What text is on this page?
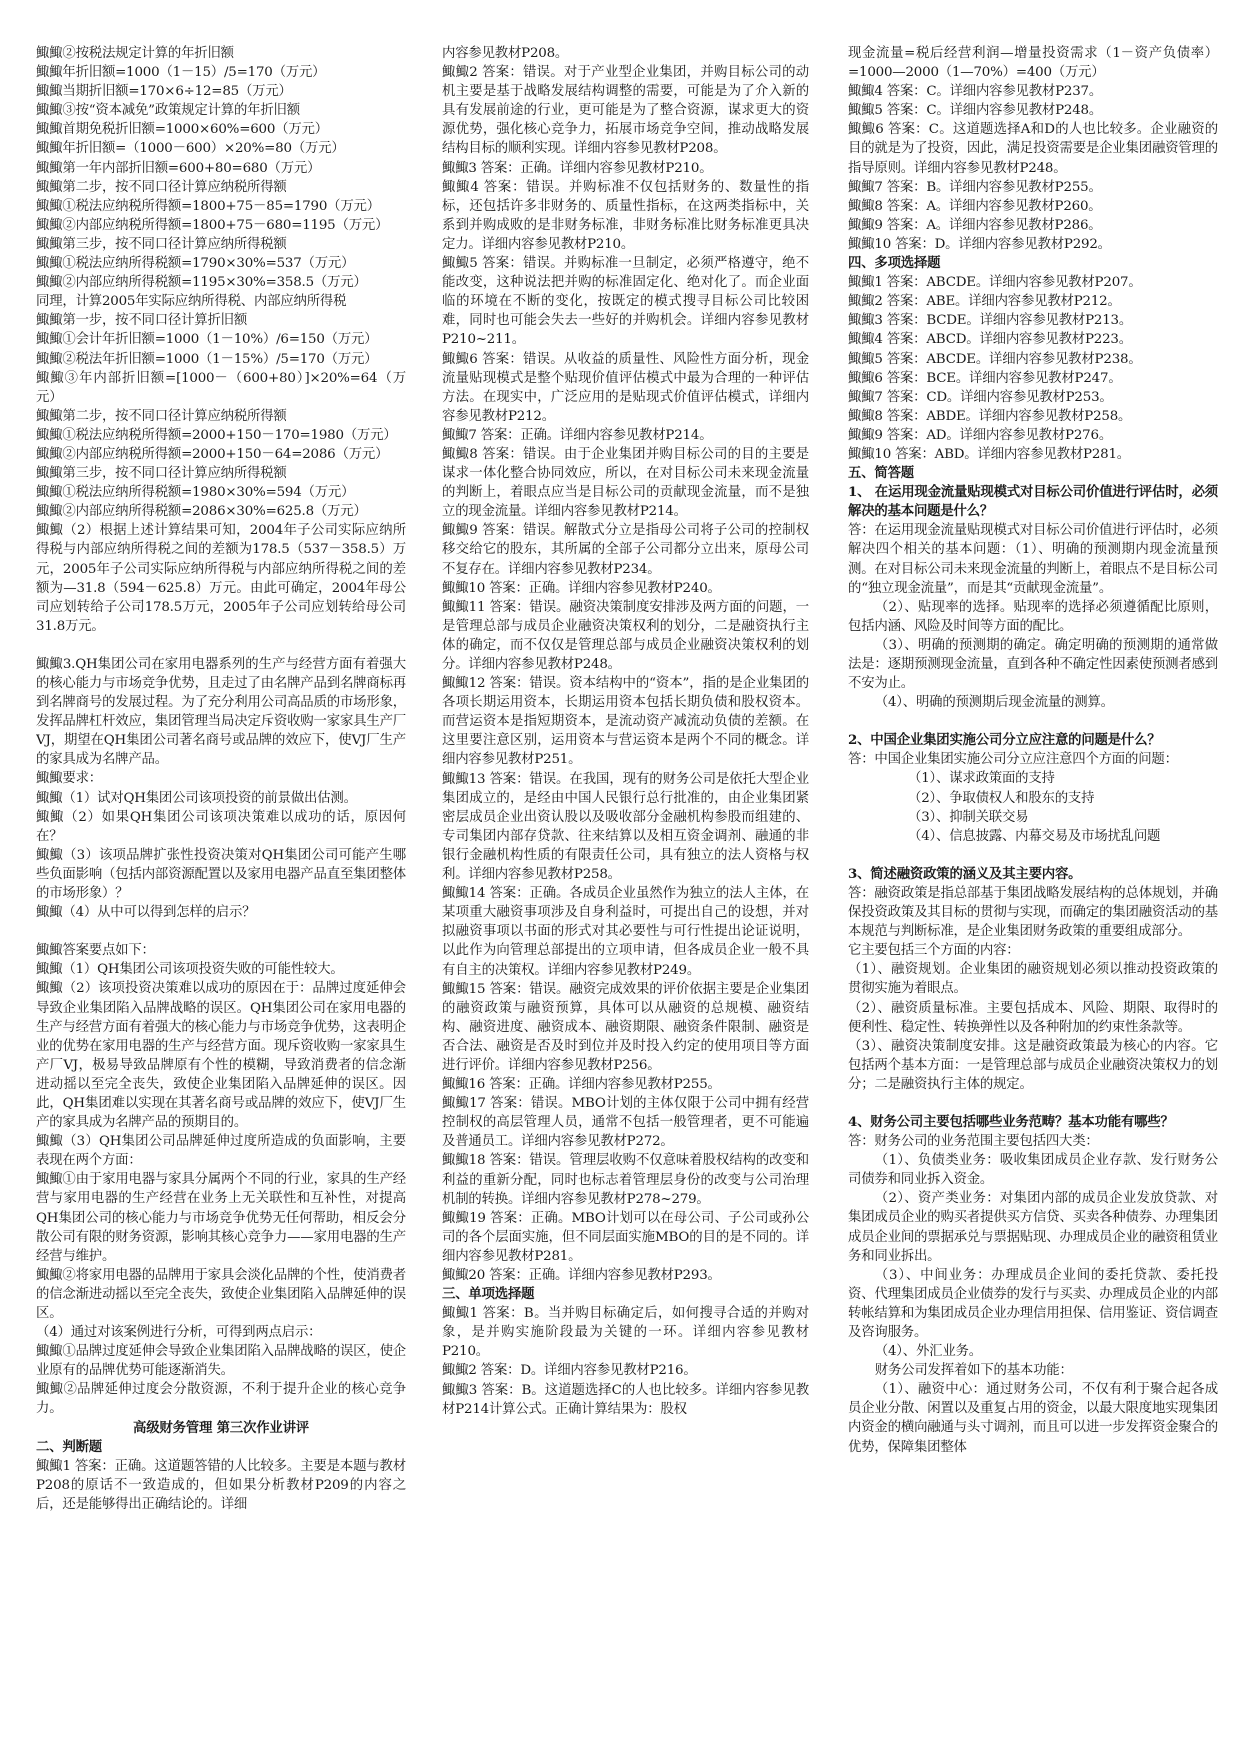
鯫鯫②按税法规定计算的年折旧额

鯫鯫年折旧额=1000（1－15）/5=170（万元）

鯫鯫当期折旧额=170×6÷12=85（万元）

鯫鯫③按“资本减免”政策规定计算的年折旧额

鯫鯫首期免税折旧额=1000×60%=600（万元）

鯫鯫年折旧额=（1000－600）×20%=80（万元）

鯫鯫第一年内部折旧额=600+80=680（万元）

鯫鯫第二步，按不同口径计算应纳税所得额

鯫鯫①税法应纳税所得额=1800+75－85=1790（万元）

鯫鯫②内部应纳税所得额=1800+75－680=1195（万元）

鯫鯫第三步，按不同口径计算应纳所得税额

鯫鯫①税法应纳所得税额=1790×30%=537（万元）

鯫鯫②内部应纳所得税额=1195×30%=358.5（万元）

同理，计算2005年实际应纳所得税、内部应纳所得税

鯫鯫第一步，按不同口径计算折旧额

鯫鯫①会计年折旧额=1000（1－10%）/6=150（万元）

鯫鯫②税法年折旧额=1000（1－15%）/5=170（万元）

鯫鯫③年内部折旧额=[1000－（600+80）]×20%=64（万元）

鯫鯫第二步，按不同口径计算应纳税所得额

鯫鯫①税法应纳税所得额=2000+150－170=1980（万元）

鯫鯫②内部应纳税所得额=2000+150－64=2086（万元）

鯫鯫第三步，按不同口径计算应纳所得税额

鯫鯫①税法应纳所得税额=1980×30%=594（万元）

鯫鯫②内部应纳所得税额=2086×30%=625.8（万元）

鯫鯫（2）根据上述计算结果可知，2004年子公司实际应纳所得税与内部应纳所得税之间的差额为178.5（537－358.5）万元，2005年子公司实际应纳所得税与内部应纳所得税之间的差额为—31.8（594－625.8）万元。由此可确定，2004年母公司应划转给子公司178.5万元，2005年子公司应划转给母公司31.8万元。

鯫鯫3.QH集团公司在家用电器系列的生产与经营方面有着强大的核心能力与市场竞争优势，且走过了由名牌产品到名牌商标再到名牌商号的发展过程。为了充分利用公司高品质的市场形象，发挥品牌杠杆效应，集团管理当局决定斥资收购一家家具生产厂VJ，期望在QH集团公司著名商号或品牌的效应下，使VJ厂生产的家具成为名牌产品。

鯫鯫要求：

鯫鯫（1）试对QH集团公司该项投资的前景做出估测。

鯫鯫（2）如果QH集团公司该项决策难以成功的话，原因何在？

鯫鯫（3）该项品牌扩张性投资决策对QH集团公司可能产生哪些负面影响（包括内部资源配置以及家用电器产品直至集团整体的市场形象）？

鯫鯫（4）从中可以得到怎样的启示？

鯫鯫答案要点如下：

鯫鯫（1）QH集团公司该项投资失败的可能性较大。

鯫鯫（2）该项投资决策难以成功的原因在于：品牌过度延伸会导致企业集团陷入品牌战略的误区。QH集团公司在家用电器的生产与经营方面有着强大的核心能力与市场竞争优势，这表明企业的优势在家用电器的生产与经营方面。现斥资收购一家家具生产厂VJ，极易导致品牌原有个性的模糊，导致消费者的信念渐进动摇以至完全丧失，致使企业集团陷入品牌延伸的误区。因此，QH集团难以实现在其著名商号或品牌的效应下，使VJ厂生产的家具成为名牌产品的预期目的。

鯫鯫（3）QH集团公司品牌延伸过度所造成的负面影响，主要表现在两个方面：

鯫鯫①由于家用电器与家具分属两个不同的行业，家具的生产经营与家用电器的生产经营在业务上无关联性和互补性，对提高QH集团公司的核心能力与市场竞争优势无任何帮助，相反会分散公司有限的财务资源，影响其核心竞争力——家用电器的生产经营与维护。

鯫鯫②将家用电器的品牌用于家具会淡化品牌的个性，使消费者的信念渐进动摇以至完全丧失，致使企业集团陷入品牌延伸的误区。

（4）通过对该案例进行分析，可得到两点启示：

鯫鯫①品牌过度延伸会导致企业集团陷入品牌战略的误区，使企业原有的品牌优势可能逐渐消失。

鯫鯫②品牌延伸过度会分散资源，不利于提升企业的核心竞争力。

高级财务管理 第三次作业讲评

二、判断题

鯫鯫1 答案：正确。这道题答错的人比较多。主要是本题与教材P208的原话不一致造成的，但如果分析教材P209的内容之后，还是能够得出正确结论的。详细

内容参见教材P208。

鯫鯫2 答案：错误。对于产业型企业集团，并购目标公司的动机主要是基于战略发展结构调整的需要，可能是为了介入新的具有发展前途的行业，更可能是为了整合资源，谋求更大的资源优势，强化核心竞争力，拓展市场竞争空间，推动战略发展结构目标的顺利实现。详细内容参见教材P208。

鯫鯫3 答案：正确。详细内容参见教材P210。

鯫鯫4 答案：错误。并购标准不仅包括财务的、数量性的指标，还包括许多非财务的、质量性指标，在这两类指标中，关系到并购成败的是非财务标准，非财务标准比财务标准更具决定力。详细内容参见教材P210。

鯫鯫5 答案：错误。并购标准一旦制定，必须严格遵守，绝不能改变，这种说法把并购的标准固定化、绝对化了。而企业面临的环境在不断的变化，按既定的模式搜寻目标公司比较困难，同时也可能会失去一些好的并购机会。详细内容参见教材P210~211。

鯫鯫6 答案：错误。从收益的质量性、风险性方面分析，现金流量贴现模式是整个贴现价值评估模式中最为合理的一种评估方法。在现实中，广泛应用的是贴现式价值评估模式，详细内容参见教材P212。

鯫鯫7 答案：正确。详细内容参见教材P214。

鯫鯫8 答案：错误。由于企业集团并购目标公司的目的主要是谋求一体化整合协同效应，所以，在对目标公司未来现金流量的判断上，着眼点应当是目标公司的贡献现金流量，而不是独立的现金流量。详细内容参见教材P214。

鯫鯫9 答案：错误。解散式分立是指母公司将子公司的控制权移交给它的股东，其所属的全部子公司都分立出来，原母公司不复存在。详细内容参见教材P234。

鯫鯫10 答案：正确。详细内容参见教材P240。

鯫鯫11 答案：错误。融资决策制度安排涉及两方面的问题，一是管理总部与成员企业融资决策权利的划分，二是融资执行主体的确定，而不仅仅是管理总部与成员企业融资决策权利的划分。详细内容参见教材P248。

鯫鯫12 答案：错误。资本结构中的“资本”，指的是企业集团的各项长期运用资本，长期运用资本包括长期负债和股权资本。而营运资本是指短期资本，是流动资产减流动负债的差额。在这里要注意区别，运用资本与营运资本是两个不同的概念。详细内容参见教材P251。

鯫鯫13 答案：错误。在我国，现有的财务公司是依托大型企业集团成立的，是经由中国人民银行总行批准的，由企业集团紧密层成员企业出资认股以及吸收部分金融机构参股而组建的、专司集团内部存贷款、往来结算以及相互资金调剂、融通的非银行金融机构性质的有限责任公司，具有独立的法人资格与权利。详细内容参见教材P258。

鯫鯫14 答案：正确。各成员企业虽然作为独立的法人主体，在某项重大融资事项涉及自身利益时，可提出自己的设想，并对拟融资事项以书面的形式对其必要性与可行性提出论证说明，以此作为向管理总部提出的立项申请，但各成员企业一般不具有自主的决策权。详细内容参见教材P249。

鯫鯫15 答案：错误。融资完成效果的评价依据主要是企业集团的融资政策与融资预算，具体可以从融资的总规模、融资结构、融资进度、融资成本、融资期限、融资条件限制、融资是否合法、融资是否及时到位并及时投入约定的使用项目等方面进行评价。详细内容参见教材P256。

鯫鯫16 答案：正确。详细内容参见教材P255。

鯫鯫17 答案：错误。MBO计划的主体仅限于公司中拥有经营控制权的高层管理人员，通常不包括一般管理者，更不可能遍及普通员工。详细内容参见教材P272。

鯫鯫18 答案：错误。管理层收购不仅意味着股权结构的改变和利益的重新分配，同时也标志着管理层身份的改变与公司治理机制的转换。详细内容参见教材P278~279。

鯫鯫19 答案：正确。MBO计划可以在母公司、子公司或孙公司的各个层面实施，但不同层面实施MBO的目的是不同的。详细内容参见教材P281。

鯫鯫20 答案：正确。详细内容参见教材P293。

三、单项选择题

鯫鯫1 答案：B。当并购目标确定后，如何搜寻合适的并购对象，是并购实施阶段最为关键的一环。详细内容参见教材P210。

鯫鯫2 答案：D。详细内容参见教材P216。

鯫鯫3 答案：B。这道题选择C的人也比较多。详细内容参见教材P214计算公式。正确计算结果为：股权

现金流量=税后经营利润—增量投资需求（1－资产负债率）=1000—2000（1—70%）=400（万元）

鯫鯫4 答案：C。详细内容参见教材P237。

鯫鯫5 答案：C。详细内容参见教材P248。

鯫鯫6 答案：C。这道题选择A和D的人也比较多。企业融资的目的就是为了投资，因此，满足投资需要是企业集团融资管理的指导原则。详细内容参见教材P248。

鯫鯫7 答案：B。详细内容参见教材P255。

鯫鯫8 答案：A。详细内容参见教材P260。

鯫鯫9 答案：A。详细内容参见教材P286。

鯫鯫10 答案：D。详细内容参见教材P292。

四、多项选择题

鯫鯫1 答案：ABCDE。详细内容参见教材P207。

鯫鯫2 答案：ABE。详细内容参见教材P212。

鯫鯫3 答案：BCDE。详细内容参见教材P213。

鯫鯫4 答案：ABCD。详细内容参见教材P223。

鯫鯫5 答案：ABCDE。详细内容参见教材P238。

鯫鯫6 答案：BCE。详细内容参见教材P247。

鯫鯫7 答案：CD。详细内容参见教材P253。

鯫鯫8 答案：ABDE。详细内容参见教材P258。

鯫鯫9 答案：AD。详细内容参见教材P276。

鯫鯫10 答案：ABD。详细内容参见教材P281。

五、简答题

1、 在运用现金流量贴现模式对目标公司价值进行评估时，必须解决的基本问题是什么？

答：在运用现金流量贴现模式对目标公司价值进行评估时，必须解决四个相关的基本问题：（1）、明确的预测期内现金流量预测。在对目标公司未来现金流量的判断上，着眼点不是目标公司的“独立现金流量”，而是其“贡献现金流量”。

（2）、贴现率的选择。贴现率的选择必须遵循配比原则，包括内涵、风险及时间等方面的配比。

（3）、明确的预测期的确定。确定明确的预测期的通常做法是：逐期预测现金流量，直到各种不确定性因素使预测者感到不安为止。

（4）、明确的预测期后现金流量的测算。

2、中国企业集团实施公司分立应注意的问题是什么？

答：中国企业集团实施公司分立应注意四个方面的问题：

（1）、谋求政策面的支持

（2）、争取债权人和股东的支持

（3）、抑制关联交易

（4）、信息披露、内幕交易及市场扰乱问题

3、简述融资政策的涵义及其主要内容。

答：融资政策是指总部基于集团战略发展结构的总体规划，并确保投资政策及其目标的贯彻与实现，而确定的集团融资活动的基本规范与判断标准，是企业集团财务政策的重要组成部分。

它主要包括三个方面的内容：

（1）、融资规划。企业集团的融资规划必须以推动投资政策的贯彻实施为着眼点。

（2）、融资质量标准。主要包括成本、风险、期限、取得时的便利性、稳定性、转换弹性以及各种附加的约束性条款等。

（3）、融资决策制度安排。这是融资政策最为核心的内容。它包括两个基本方面：一是管理总部与成员企业融资决策权力的划分；二是融资执行主体的规定。

4、财务公司主要包括哪些业务范畴？基本功能有哪些？

答：财务公司的业务范围主要包括四大类：

（1）、负债类业务：吸收集团成员企业存款、发行财务公司债券和同业拆入资金。

（2）、资产类业务：对集团内部的成员企业发放贷款、对集团成员企业的购买者提供买方信贷、买卖各种债券、办理集团成员企业间的票据承兑与票据贴现、办理成员企业的融资租赁业务和同业拆出。

（3）、中间业务：办理成员企业间的委托贷款、委托投资、代理集团成员企业债券的发行与买卖、办理成员企业的内部转帐结算和为集团成员企业办理信用担保、信用鉴证、资信调查及咨询服务。

（4）、外汇业务。

财务公司发挥着如下的基本功能：

（1）、融资中心：通过财务公司，不仅有利于聚合起各成员企业分散、闲置以及重复占用的资金，以最大限度地实现集团内资金的横向融通与头寸调剂，而且可以进一步发挥资金聚合的优势，保障集团整体
